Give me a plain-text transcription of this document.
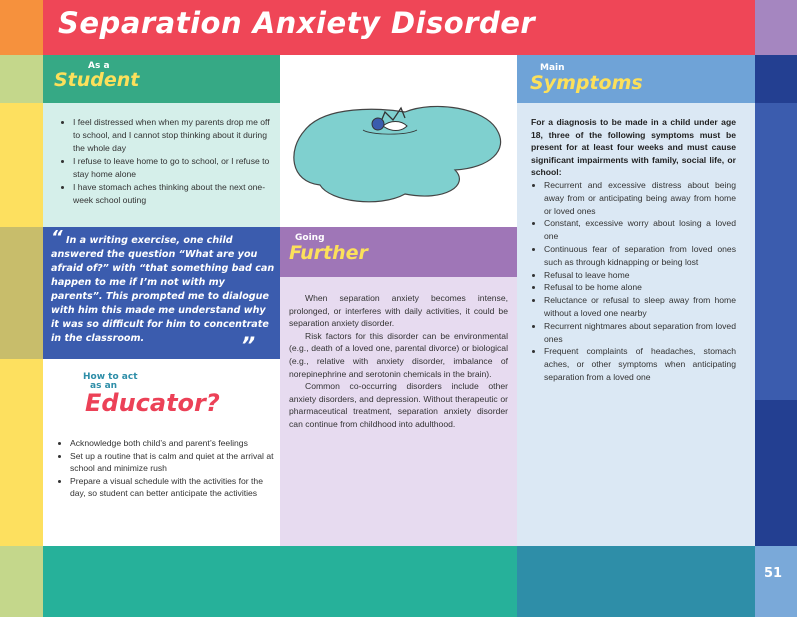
51
Separation Anxiety Disorder
As a
Student
• I feel distressed when when my parents drop me off to school, and I cannot stop thinking about it during the whole day
• I refuse to leave home to go to school, or I refuse to stay home alone
• I have stomach aches thinking about the next one-week school outing
“ In a writing exercise, one child answered the question “What are you afraid of?” with “that something bad can happen to me if I’m not with my parents”. This prompted me to dialogue with him this made me understand why it was so difficult for him to concentrate in the classroom.	”
How to act
as an
Educator?
• Acknowledge both child’s and parent’s feelings
• Set up a routine that is calm and quiet at the arrival at school and minimize rush
• Prepare a visual schedule with the activities for the day, so student can better anticipate the activities
Going
Further

When separation anxiety becomes intense, prolonged, or interferes with daily activities, it could be separation anxiety disorder.

Risk factors for this disorder can be environmental (e.g., death of a loved one, parental divorce) or biological (e.g., relative with anxiety disorder, imbalance of norepinephrine and serotonin chemicals in the brain).

Common co-occurring disorders include other anxiety disorders, and depression. Without therapeutic or pharmaceutical treatment, separation anxiety disorder can continue from childhood into adulthood.

Main
Symptoms

For a diagnosis to be made in a child under age 18, three of the following symptoms must be present for at least four weeks and must cause significant impairments with family, social life, or school:

• Recurrent and excessive distress about being away from or anticipating being away from home or loved ones
• Constant, excessive worry about losing a loved one
• Continuous fear of separation from loved ones such as through kidnapping or being lost
• Refusal to leave home
• Refusal to be home alone
• Reluctance or refusal to sleep away from home without a loved one nearby
• Recurrent nightmares about separation from loved ones
• Frequent complaints of headaches, stomach aches, or other symptoms when anticipating separation from a loved one
